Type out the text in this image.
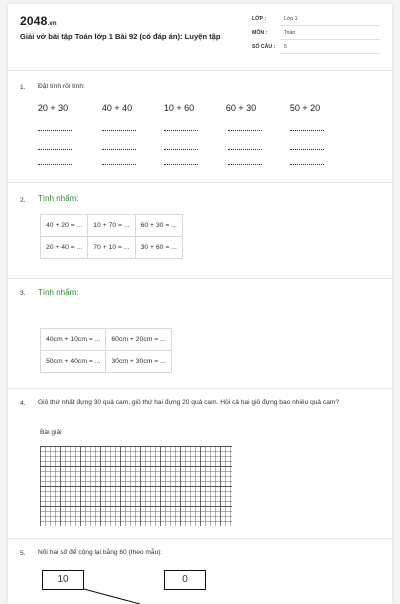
2048.vn
Giải vở bài tập Toán lớp 1 Bài 92 (có đáp án): Luyện tập
LỚP :	Lớp 1
MÔN :	Toán
SỐ CÂU : 5
1. Đặt tính rồi tính:
20 + 30	40 + 40	10 + 60	60 + 30	50 + 20
2. Tính nhẩm:
40 + 20 = ...	10 + 70 = ...	60 + 30 = ...
20 + 40 = ...	70 + 10 = ...	30 + 60 = ...
3. Tính nhẩm:
40cm + 10cm = ...	60cm + 20cm = ...
50cm + 40cm = ...	30cm + 30cm = ...
4. Giỏ thứ nhất đựng 30 quả cam, giỏ thứ hai đựng 20 quả cam. Hỏi cả hai giỏ đựng bao nhiêu quả cam?
Bài giải
5. Nối hai số để cộng lại bằng 60 (theo mẫu):
10	0
